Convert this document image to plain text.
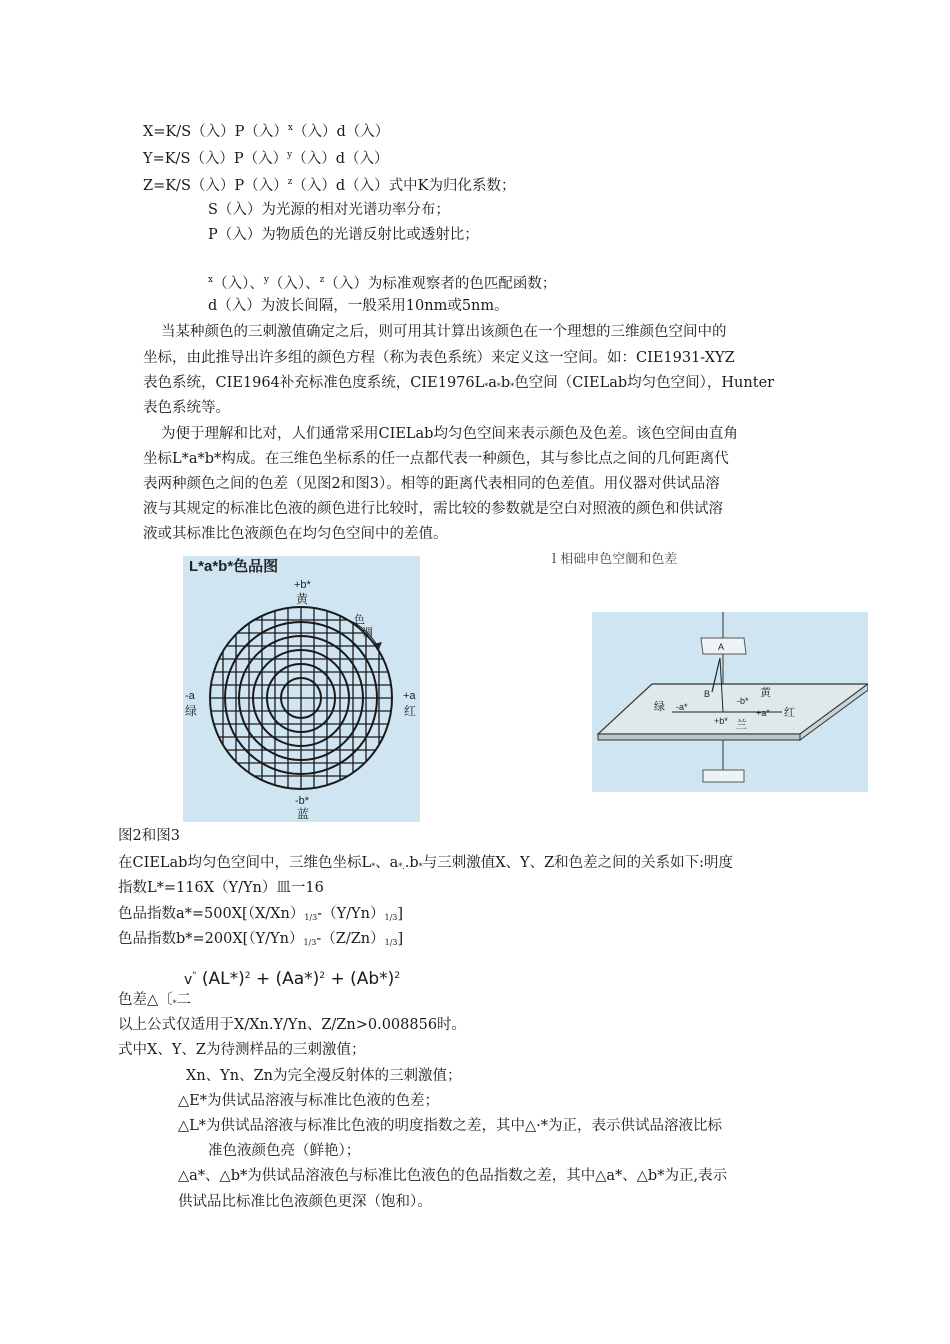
X=K/S（入）P（入）$^x$（入）d（入）
Y=K/S（入）P（入）$^y$（入）d（入）
Z=K/S（入）P（入）$^z$（入）d（入）式中K为归化系数；
S（入）为光源的相对光谱功率分布；
P（入）为物质色的光谱反射比或透射比；
$^x$（入）、$^y$（入）、$^z$（入）为标准观察者的色匹配函数；
d（入）为波长间隔，一般采用10nm或5nm。
当某种颜色的三刺激值确定之后，则可用其计算出该颜色在一个理想的三维颜色空间中的
坐标，由此推导出许多组的颜色方程（称为表色系统）来定义这一空间。如：CIE1931-XYZ
表色系统，CIE1964补充标准色度系统，$CIE1976L_*a_*b_*$色空间（CIELab均匀色空间），Hunter
表色系统等。
为便于理解和比对，人们通常采用CIELab均匀色空间来表示颜色及色差。该色空间由直角
坐标L*a*b*构成。在三维色坐标系的任一点都代表一种颜色，其与参比点之间的几何距离代
表两种颜色之间的色差（见图2和图3）。相等的距离代表相同的色差值。用仪器对供试品溶
液与其规定的标准比色液的颜色进行比较时，需比较的参数就是空白对照液的颜色和供试溶
液或其标准比色液颜色在均匀色空间中的差值。
L*a*b*色品图
+b*
黄
色
调
-a
绿
+a
红
-b*
蓝
l 相础申色空阛和色差
A
B
绿 -a*
-b*
黄
+a* 红
+b* 兰
图2和图3
在CIELab均匀色空间中，三维色坐标$L_*$、$a_{*.}.b_*$与三刺激值X、Y、Z和色差之间的关系如下:明度
指数L*=116X（Y/Yn）皿一16
色品指数$a*=500X[(X/Xn)_{1/3}-(Y/Yn)_{1/3}]$
色品指数$b*=200X[(Y/Yn)_{1/3}-(Z/Zn)_{1/3}]$
v" $(AL*)^2 + (Aa*)^2 + (Ab*)^2$
色差△〔$_*$二
以上公式仅适用于X/Xn.Y/Yn、Z/Zn>0.008856时。
式中X、Y、Z为待测样品的三刺激值；
Xn、Yn、Zn为完全漫反射体的三刺激值；
△E*为供试品溶液与标准比色液的色差；
△L*为供试品溶液与标准比色液的明度指数之差，其中△·*为正，表示供试品溶液比标
准色液颜色亮（鲜艳）；
△a*、△b*为供试品溶液色与标准比色液色的色品指数之差，其中△a*、△b*为正,表示
供试品比标准比色液颜色更深（饱和）。
